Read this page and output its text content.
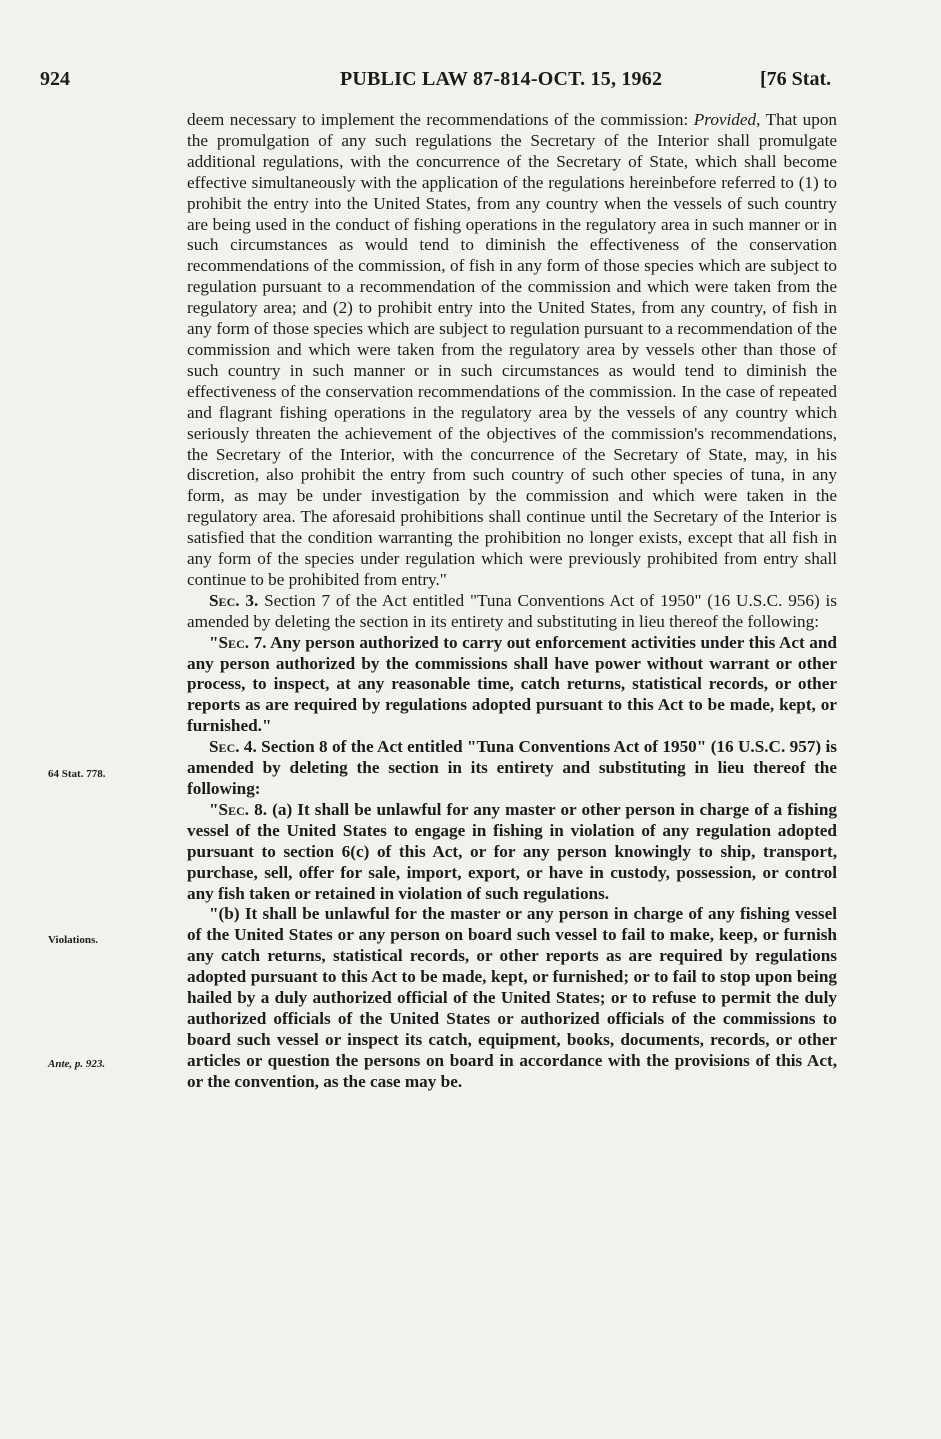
924	PUBLIC LAW 87-814-OCT. 15, 1962	[76 Stat.
64 Stat. 778.
Violations.
Ante, p. 923.

deem necessary to implement the recommendations of the commission: Provided, That upon the promulgation of any such regulations the Secretary of the Interior shall promulgate additional regulations, with the concurrence of the Secretary of State, which shall become effective simultaneously with the application of the regulations hereinbefore referred to (1) to prohibit the entry into the United States, from any country when the vessels of such country are being used in the conduct of fishing operations in the regulatory area in such manner or in such circumstances as would tend to diminish the effectiveness of the conservation recommendations of the commission, of fish in any form of those species which are subject to regulation pursuant to a recommendation of the commission and which were taken from the regulatory area; and (2) to prohibit entry into the United States, from any country, of fish in any form of those species which are subject to regulation pursuant to a recommendation of the commission and which were taken from the regulatory area by vessels other than those of such country in such manner or in such circumstances as would tend to diminish the effectiveness of the conservation recommendations of the commission. In the case of repeated and flagrant fishing operations in the regulatory area by the vessels of any country which seriously threaten the achievement of the objectives of the commission's recommendations, the Secretary of the Interior, with the concurrence of the Secretary of State, may, in his discretion, also prohibit the entry from such country of such other species of tuna, in any form, as may be under investigation by the commission and which were taken in the regulatory area. The aforesaid prohibitions shall continue until the Secretary of the Interior is satisfied that the condition warranting the prohibition no longer exists, except that all fish in any form of the species under regulation which were previously prohibited from entry shall continue to be prohibited from entry."

Sec. 3. Section 7 of the Act entitled "Tuna Conventions Act of 1950" (16 U.S.C. 956) is amended by deleting the section in its entirety and substituting in lieu thereof the following:

"Sec. 7. Any person authorized to carry out enforcement activities under this Act and any person authorized by the commissions shall have power without warrant or other process, to inspect, at any reasonable time, catch returns, statistical records, or other reports as are required by regulations adopted pursuant to this Act to be made, kept, or furnished."

Sec. 4. Section 8 of the Act entitled "Tuna Conventions Act of 1950" (16 U.S.C. 957) is amended by deleting the section in its entirety and substituting in lieu thereof the following:

"Sec. 8. (a) It shall be unlawful for any master or other person in charge of a fishing vessel of the United States to engage in fishing in violation of any regulation adopted pursuant to section 6(c) of this Act, or for any person knowingly to ship, transport, purchase, sell, offer for sale, import, export, or have in custody, possession, or control any fish taken or retained in violation of such regulations.

"(b) It shall be unlawful for the master or any person in charge of any fishing vessel of the United States or any person on board such vessel to fail to make, keep, or furnish any catch returns, statistical records, or other reports as are required by regulations adopted pursuant to this Act to be made, kept, or furnished; or to fail to stop upon being hailed by a duly authorized official of the United States; or to refuse to permit the duly authorized officials of the United States or authorized officials of the commissions to board such vessel or inspect its catch, equipment, books, documents, records, or other articles or question the persons on board in accordance with the provisions of this Act, or the convention, as the case may be.
